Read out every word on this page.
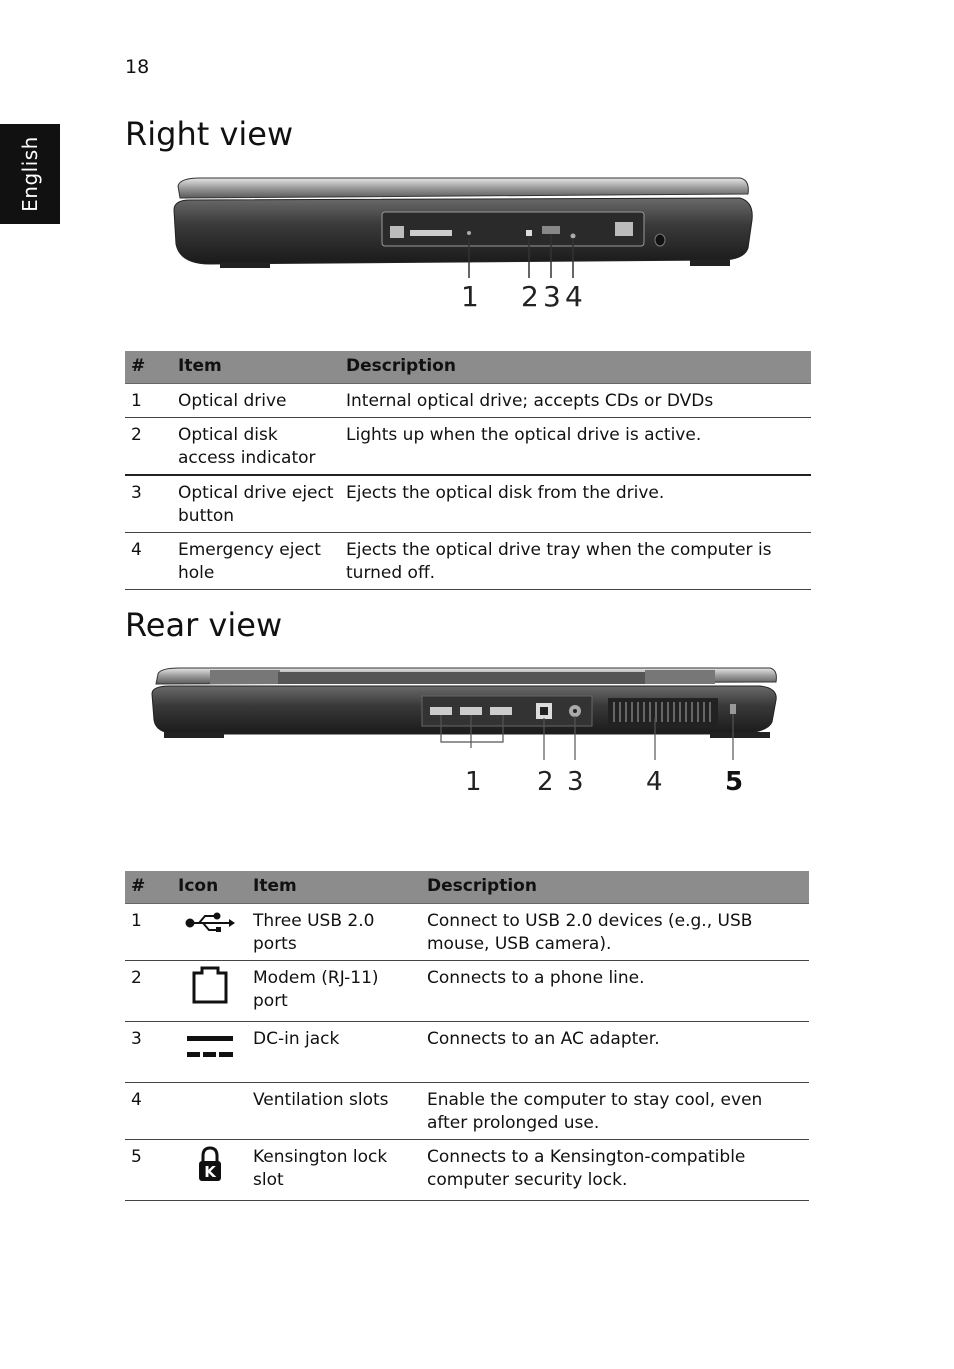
18
English
Right view
1 2 3 4
#	Item	Description
1	Optical drive	Internal optical drive; accepts CDs or DVDs
2	Optical disk access indicator	Lights up when the optical drive is active.
3	Optical drive eject button	Ejects the optical disk from the drive.
4	Emergency eject hole	Ejects the optical drive tray when the computer is turned off.
Rear view
1 2 3 4 5
#	Icon	Item	Description
1		Three USB 2.0 ports	Connect to USB 2.0 devices (e.g., USB mouse, USB camera).
2		Modem (RJ-11) port	Connects to a phone line.
3		DC-in jack	Connects to an AC adapter.
4		Ventilation slots	Enable the computer to stay cool, even after prolonged use.
5	K	Kensington lock slot	Connects to a Kensington-compatible computer security lock.
